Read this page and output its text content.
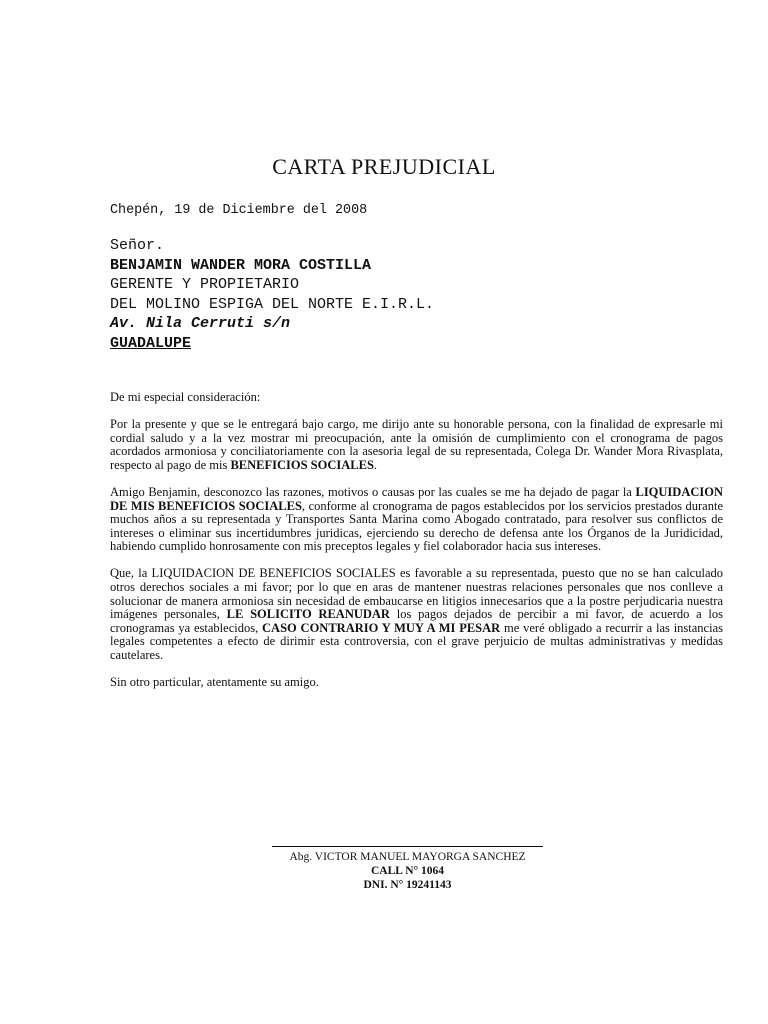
CARTA PREJUDICIAL
Chepén, 19 de Diciembre del 2008
Señor.
BENJAMIN WANDER MORA COSTILLA
GERENTE Y PROPIETARIO
DEL MOLINO ESPIGA DEL NORTE E.I.R.L.
Av. Nila Cerruti s/n
GUADALUPE

De mi especial consideración:

Por la presente y que se le entregará bajo cargo, me dirijo ante su honorable persona, con la finalidad de expresarle mi cordial saludo y a la vez mostrar mi preocupación, ante la omisión de cumplimiento con el cronograma de pagos acordados armoniosa y conciliatoriamente con la asesoria legal de su representada, Colega Dr. Wander Mora Rivasplata, respecto al pago de mis BENEFICIOS SOCIALES.

Amigo Benjamin, desconozco las razones, motivos o causas por las cuales se me ha dejado de pagar la LIQUIDACION DE MIS BENEFICIOS SOCIALES, conforme al cronograma de pagos establecidos por los servicios prestados durante muchos años a su representada y Transportes Santa Marina como Abogado contratado, para resolver sus conflictos de intereses o eliminar sus incertidumbres juridicas, ejerciendo su derecho de defensa ante los Órganos de la Juridicidad, habiendo cumplido honrosamente con mis preceptos legales y fiel colaborador hacia sus intereses.

Que, la LIQUIDACION DE BENEFICIOS SOCIALES es favorable a su representada, puesto que no se han calculado otros derechos sociales a mi favor; por lo que en aras de mantener nuestras relaciones personales que nos conlleve a solucionar de manera armoniosa sin necesidad de embaucarse en litigios innecesarios que a la postre perjudicaria nuestra imágenes personales, LE SOLICITO REANUDAR los pagos dejados de percibir a mi favor, de acuerdo a los cronogramas ya establecidos, CASO CONTRARIO Y MUY A MI PESAR me veré obligado a recurrir a las instancias legales competentes a efecto de dirimir esta controversia, con el grave perjuicio de multas administrativas y medidas cautelares.

Sin otro particular, atentamente su amigo.

Abg. VICTOR MANUEL MAYORGA SANCHEZ
CALL N° 1064
DNI. N° 19241143
